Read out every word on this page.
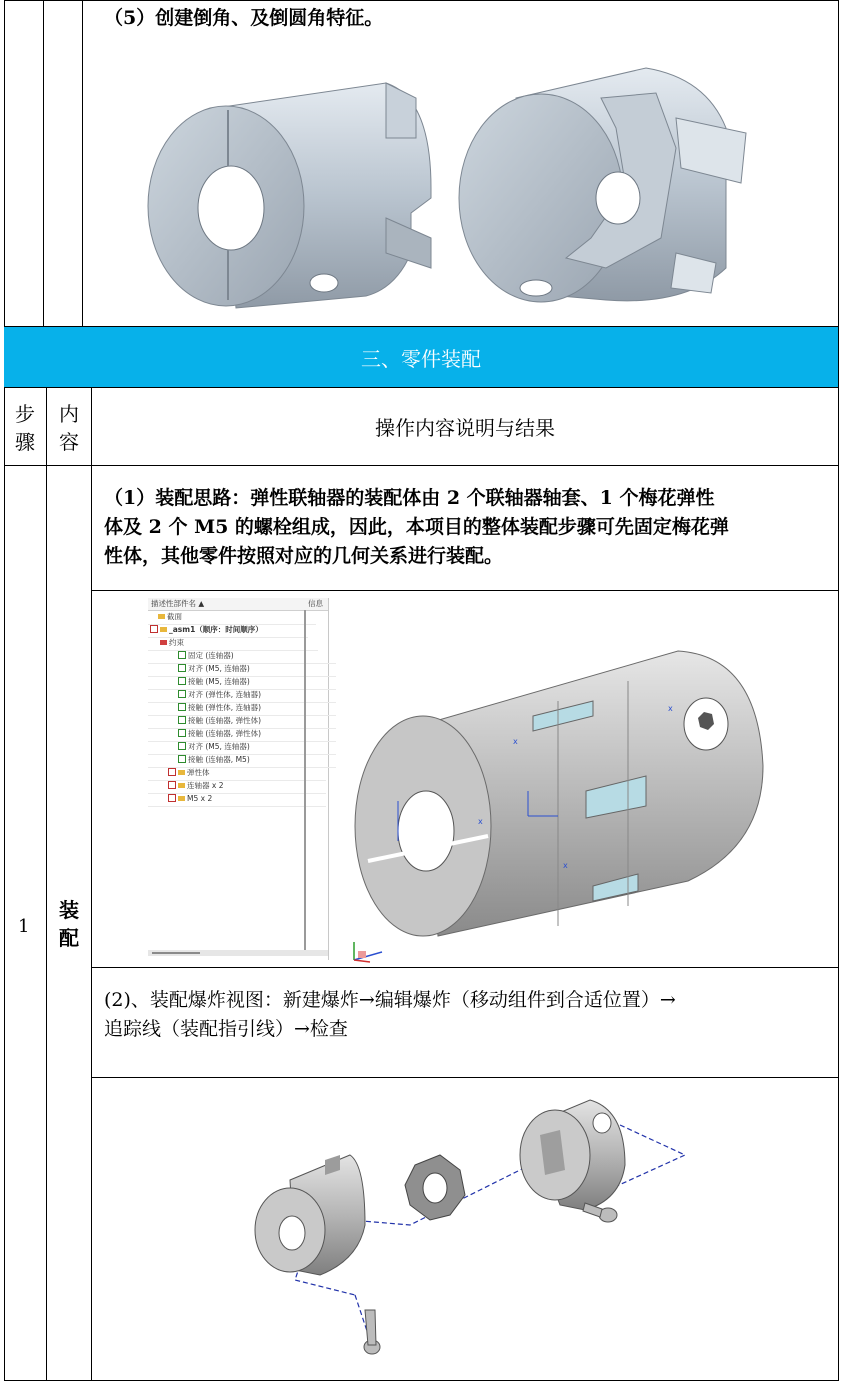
（5）创建倒角、及倒圆角特征。
三、零件装配
步
骤
内
容
操作内容说明与结果
1
装
配
（1）装配思路：弹性联轴器的装配体由 2 个联轴器轴套、1 个梅花弹性
体及 2 个 M5 的螺栓组成，因此，本项目的整体装配步骤可先固定梅花弹
性体，其他零件按照对应的几何关系进行装配。
描述性部件名 ▲	信息
截面
_asm1（顺序：时间顺序）
约束
固定 (连轴器)
对齐 (M5, 连轴器)
接触 (M5, 连轴器)
对齐 (弹性体, 连轴器)
接触 (弹性体, 连轴器)
接触 (连轴器, 弹性体)
接触 (连轴器, 弹性体)
对齐 (M5, 连轴器)
接触 (连轴器, M5)
弹性体
连轴器 x 2
M5 x 2
x
x
x
x
(2)、装配爆炸视图：新建爆炸→编辑爆炸（移动组件到合适位置）→
追踪线（装配指引线）→检查
